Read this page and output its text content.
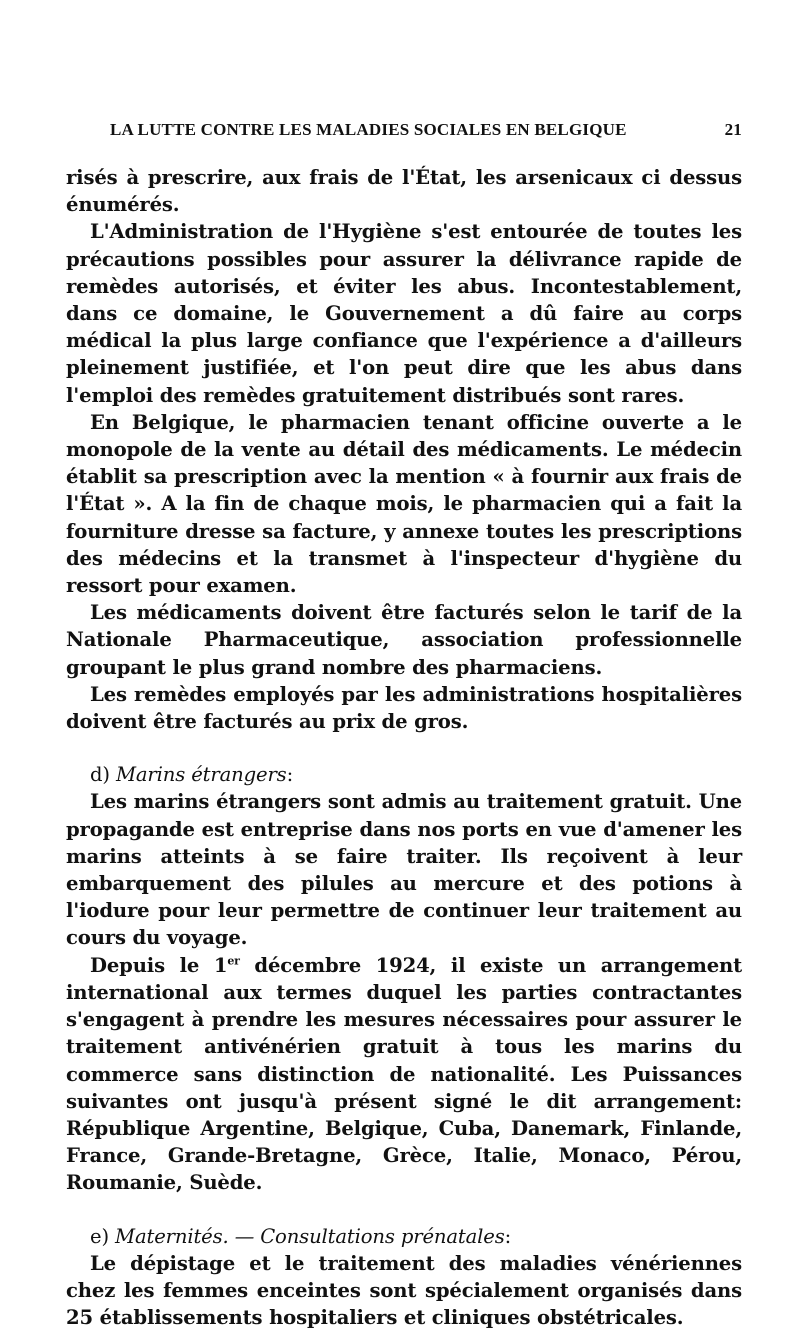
LA LUTTE CONTRE LES MALADIES SOCIALES EN BELGIQUE	21

risés à prescrire, aux frais de l'État, les arsenicaux ci dessus énumérés.

L'Administration de l'Hygiène s'est entourée de toutes les précautions possibles pour assurer la délivrance rapide de remèdes autorisés, et éviter les abus. Incontestablement, dans ce domaine, le Gouvernement a dû faire au corps médical la plus large confiance que l'expérience a d'ailleurs pleinement justifiée, et l'on peut dire que les abus dans l'emploi des remèdes gratuitement distribués sont rares.

En Belgique, le pharmacien tenant officine ouverte a le monopole de la vente au détail des médicaments. Le médecin établit sa prescription avec la mention « à fournir aux frais de l'État ». A la fin de chaque mois, le pharmacien qui a fait la fourniture dresse sa facture, y annexe toutes les prescriptions des médecins et la transmet à l'inspecteur d'hygiène du ressort pour examen.

Les médicaments doivent être facturés selon le tarif de la Nationale Pharmaceutique, association professionnelle groupant le plus grand nombre des pharmaciens.

Les remèdes employés par les administrations hospitalières doivent être facturés au prix de gros.

d) Marins étrangers:

Les marins étrangers sont admis au traitement gratuit. Une propagande est entreprise dans nos ports en vue d'amener les marins atteints à se faire traiter. Ils reçoivent à leur embarquement des pilules au mercure et des potions à l'iodure pour leur permettre de continuer leur traitement au cours du voyage.

Depuis le 1er décembre 1924, il existe un arrangement international aux termes duquel les parties contractantes s'engagent à prendre les mesures nécessaires pour assurer le traitement antivénérien gratuit à tous les marins du commerce sans distinction de nationalité. Les Puissances suivantes ont jusqu'à présent signé le dit arrangement: République Argentine, Belgique, Cuba, Danemark, Finlande, France, Grande-Bretagne, Grèce, Italie, Monaco, Pérou, Roumanie, Suède.

e) Maternités. — Consultations prénatales:

Le dépistage et le traitement des maladies vénériennes chez les femmes enceintes sont spécialement organisés dans 25 établissements hospitaliers et cliniques obstétricales.
